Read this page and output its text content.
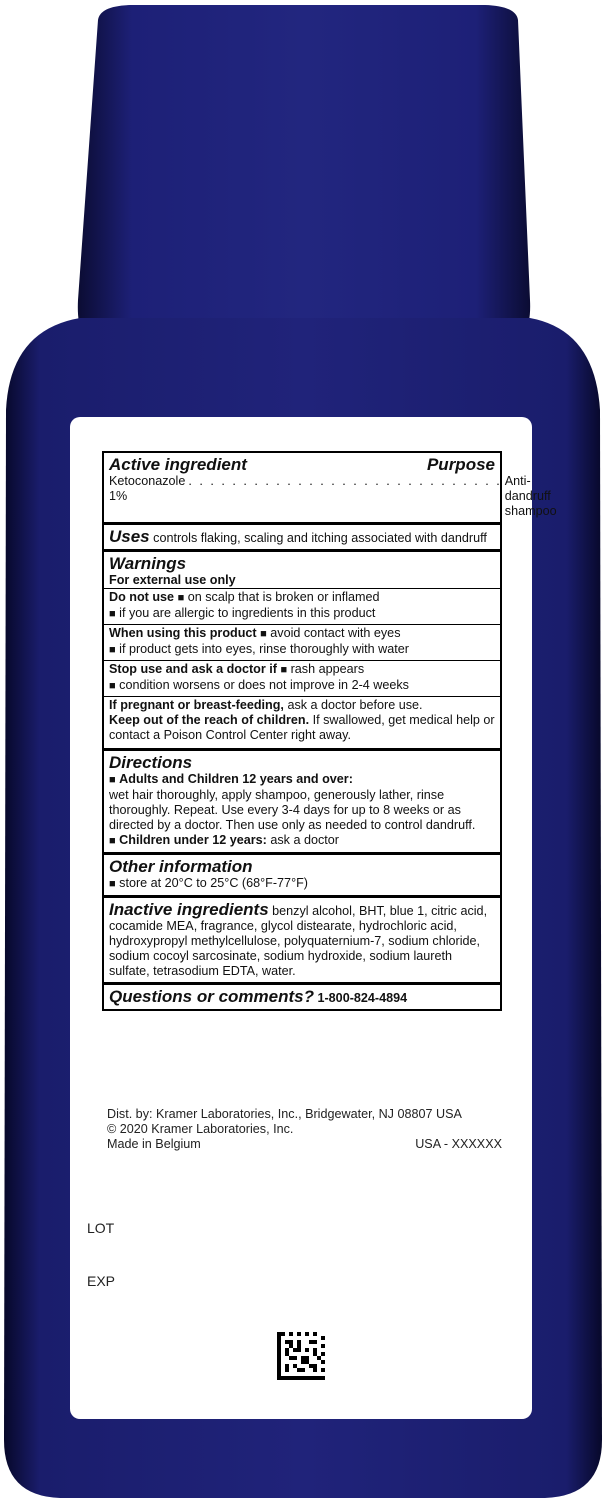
Active ingredient	Purpose
Ketoconazole 1%
. . . . . . . . . . . . . . . . . . . . . . . . . . . . . Anti-dandruff shampoo
Uses controls flaking, scaling and itching associated with dandruff
Warnings
For external use only
Do not use ■ on scalp that is broken or inflamed
■ if you are allergic to ingredients in this product
When using this product ■ avoid contact with eyes
■ if product gets into eyes, rinse thoroughly with water
Stop use and ask a doctor if ■ rash appears
■ condition worsens or does not improve in 2-4 weeks
If pregnant or breast-feeding, ask a doctor before use.
Keep out of the reach of children. If swallowed, get medical help or contact a Poison Control Center right away.
Directions
■ Adults and Children 12 years and over:
wet hair thoroughly, apply shampoo, generously lather, rinse thoroughly. Repeat. Use every 3-4 days for up to 8 weeks or as directed by a doctor. Then use only as needed to control dandruff.
■ Children under 12 years: ask a doctor
Other information
■ store at 20°C to 25°C (68°F-77°F)
Inactive ingredients benzyl alcohol, BHT, blue 1, citric acid, cocamide MEA, fragrance, glycol distearate, hydrochloric acid, hydroxypropyl methylcellulose, polyquaternium-7, sodium chloride, sodium cocoyl sarcosinate, sodium hydroxide, sodium laureth sulfate, tetrasodium EDTA, water.
Questions or comments? 1-800-824-4894
Dist. by: Kramer Laboratories, Inc., Bridgewater, NJ 08807 USA
© 2020 Kramer Laboratories, Inc.
Made in Belgium	USA - XXXXXX
LOT
EXP
